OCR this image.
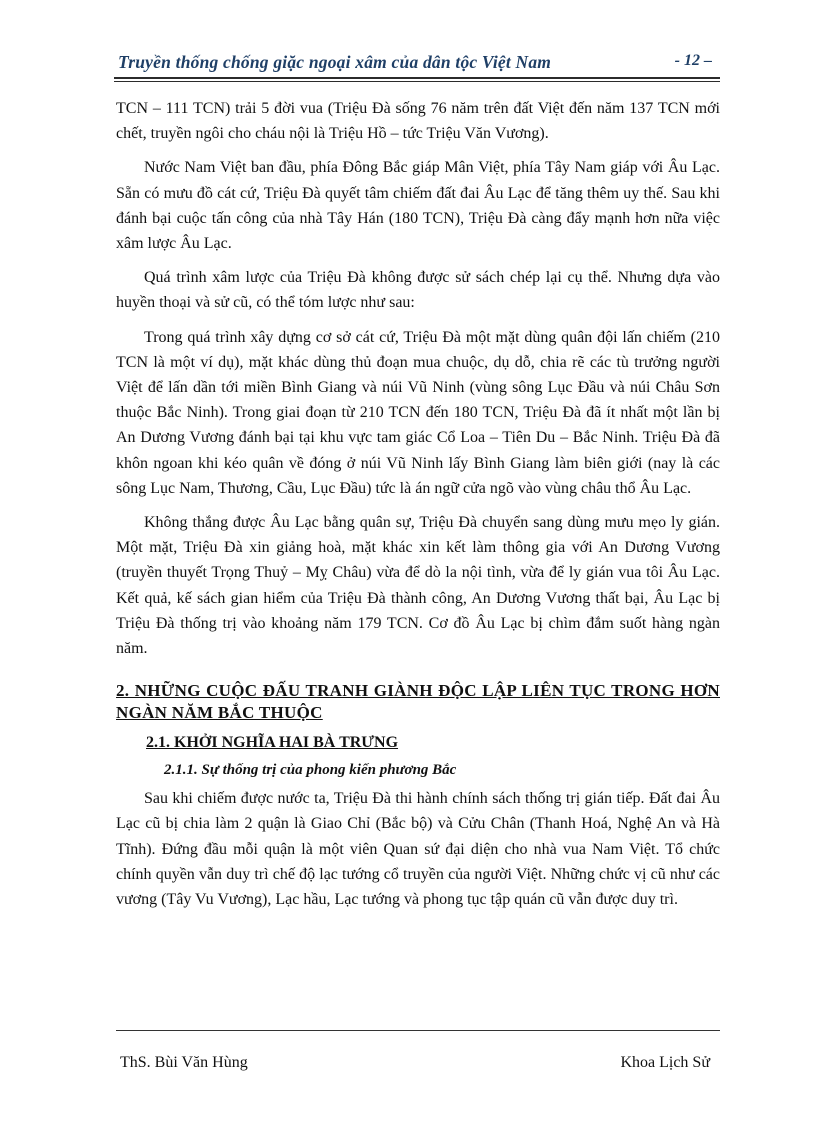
Truyền thống chống giặc ngoại xâm của dân tộc Việt Nam	- 12 –

TCN – 111 TCN) trải 5 đời vua (Triệu Đà sống 76 năm trên đất Việt đến năm 137 TCN mới chết, truyền ngôi cho cháu nội là Triệu Hồ – tức Triệu Văn Vương).

Nước Nam Việt ban đầu, phía Đông Bắc giáp Mân Việt, phía Tây Nam giáp với Âu Lạc. Sẵn có mưu đồ cát cứ, Triệu Đà quyết tâm chiếm đất đai Âu Lạc để tăng thêm uy thế. Sau khi đánh bại cuộc tấn công của nhà Tây Hán (180 TCN), Triệu Đà càng đẩy mạnh hơn nữa việc xâm lược Âu Lạc.

Quá trình xâm lược của Triệu Đà không được sử sách chép lại cụ thể. Nhưng dựa vào huyền thoại và sử cũ, có thể tóm lược như sau:

Trong quá trình xây dựng cơ sở cát cứ, Triệu Đà một mặt dùng quân đội lấn chiếm (210 TCN là một ví dụ), mặt khác dùng thủ đoạn mua chuộc, dụ dỗ, chia rẽ các tù trưởng người Việt để lấn dần tới miền Bình Giang và núi Vũ Ninh (vùng sông Lục Đầu và núi Châu Sơn thuộc Bắc Ninh). Trong giai đoạn từ 210 TCN đến 180 TCN, Triệu Đà đã ít nhất một lần bị An Dương Vương đánh bại tại khu vực tam giác Cổ Loa – Tiên Du – Bắc Ninh. Triệu Đà đã khôn ngoan khi kéo quân về đóng ở núi Vũ Ninh lấy Bình Giang làm biên giới (nay là các sông Lục Nam, Thương, Cầu, Lục Đầu) tức là án ngữ cửa ngõ vào vùng châu thổ Âu Lạc.

Không thắng được Âu Lạc bằng quân sự, Triệu Đà chuyển sang dùng mưu mẹo ly gián. Một mặt, Triệu Đà xin giảng hoà, mặt khác xin kết làm thông gia với An Dương Vương (truyền thuyết Trọng Thuỷ – Mỵ Châu) vừa để dò la nội tình, vừa để ly gián vua tôi Âu Lạc. Kết quả, kế sách gian hiểm của Triệu Đà thành công, An Dương Vương thất bại, Âu Lạc bị Triệu Đà thống trị vào khoảng năm 179 TCN. Cơ đồ Âu Lạc bị chìm đắm suốt hàng ngàn năm.

2. NHỮNG CUỘC ĐẤU TRANH GIÀNH ĐỘC LẬP LIÊN TỤC TRONG HƠN NGÀN NĂM BẮC THUỘC
2.1. KHỞI NGHĨA HAI BÀ TRƯNG
2.1.1. Sự thống trị của phong kiến phương Bắc

Sau khi chiếm được nước ta, Triệu Đà thi hành chính sách thống trị gián tiếp. Đất đai Âu Lạc cũ bị chia làm 2 quận là Giao Chỉ (Bắc bộ) và Cửu Chân (Thanh Hoá, Nghệ An và Hà Tĩnh). Đứng đầu mỗi quận là một viên Quan sứ đại diện cho nhà vua Nam Việt. Tổ chức chính quyền vẫn duy trì chế độ lạc tướng cổ truyền của người Việt. Những chức vị cũ như các vương (Tây Vu Vương), Lạc hầu, Lạc tướng và phong tục tập quán cũ vẫn được duy trì.

ThS. Bùi Văn Hùng	Khoa Lịch Sử
